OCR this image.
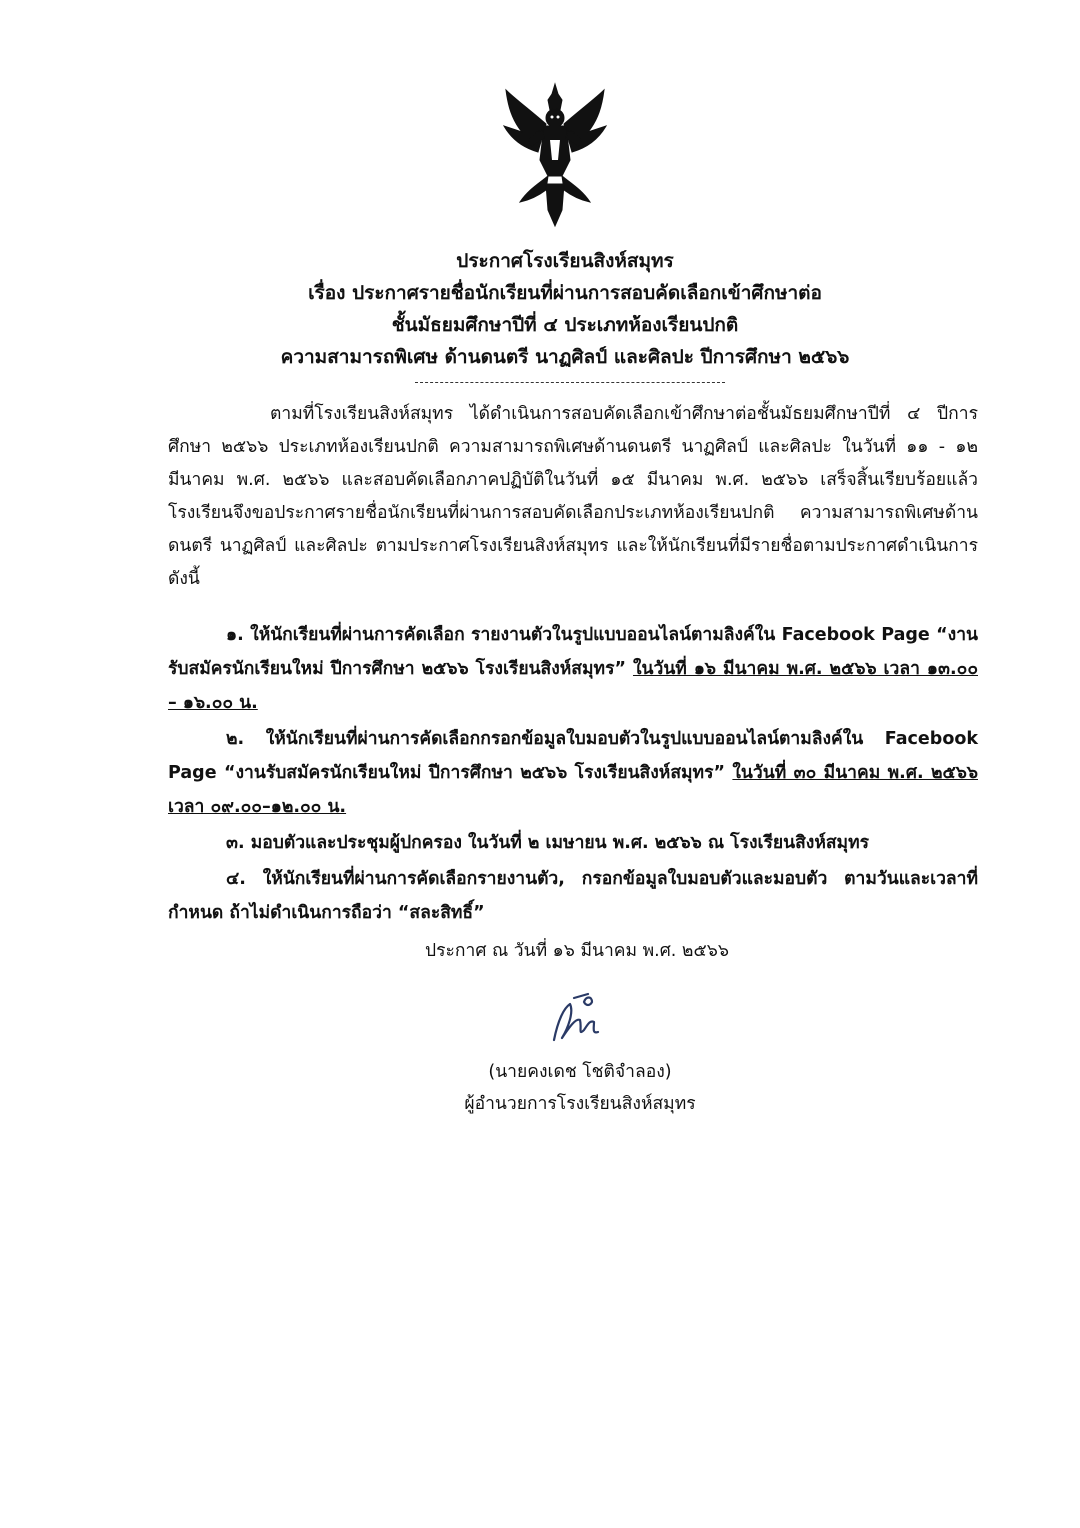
ประกาศโรงเรียนสิงห์สมุทร
เรื่อง ประกาศรายชื่อนักเรียนที่ผ่านการสอบคัดเลือกเข้าศึกษาต่อ
ชั้นมัธยมศึกษาปีที่ ๔ ประเภทห้องเรียนปกติ
ความสามารถพิเศษ ด้านดนตรี นาฏศิลป์ และศิลปะ ปีการศึกษา ๒๕๖๖
ตามที่โรงเรียนสิงห์สมุทร ได้ดำเนินการสอบคัดเลือกเข้าศึกษาต่อชั้นมัธยมศึกษาปีที่ ๔ ปีการศึกษา ๒๕๖๖ ประเภทห้องเรียนปกติ ความสามารถพิเศษด้านดนตรี นาฏศิลป์ และศิลปะ ในวันที่ ๑๑ - ๑๒ มีนาคม พ.ศ. ๒๕๖๖ และสอบคัดเลือกภาคปฏิบัติในวันที่ ๑๕ มีนาคม พ.ศ. ๒๕๖๖ เสร็จสิ้นเรียบร้อยแล้ว โรงเรียนจึงขอประกาศรายชื่อนักเรียนที่ผ่านการสอบคัดเลือกประเภทห้องเรียนปกติ ความสามารถพิเศษด้านดนตรี นาฏศิลป์ และศิลปะ ตามประกาศโรงเรียนสิงห์สมุทร และให้นักเรียนที่มีรายชื่อตามประกาศดำเนินการดังนี้

๑. ให้นักเรียนที่ผ่านการคัดเลือก รายงานตัวในรูปแบบออนไลน์ตามลิงค์ใน Facebook Page “งานรับสมัครนักเรียนใหม่ ปีการศึกษา ๒๕๖๖ โรงเรียนสิงห์สมุทร” ในวันที่ ๑๖ มีนาคม พ.ศ. ๒๕๖๖ เวลา ๑๓.๐๐ – ๑๖.๐๐ น.

๒. ให้นักเรียนที่ผ่านการคัดเลือกกรอกข้อมูลใบมอบตัวในรูปแบบออนไลน์ตามลิงค์ใน Facebook Page “งานรับสมัครนักเรียนใหม่ ปีการศึกษา ๒๕๖๖ โรงเรียนสิงห์สมุทร” ในวันที่ ๓๐ มีนาคม พ.ศ. ๒๕๖๖ เวลา ๐๙.๐๐–๑๒.๐๐ น.

๓. มอบตัวและประชุมผู้ปกครอง ในวันที่ ๒ เมษายน พ.ศ. ๒๕๖๖ ณ โรงเรียนสิงห์สมุทร

๔. ให้นักเรียนที่ผ่านการคัดเลือกรายงานตัว, กรอกข้อมูลใบมอบตัวและมอบตัว ตามวันและเวลาที่กำหนด ถ้าไม่ดำเนินการถือว่า “สละสิทธิ์”

ประกาศ ณ วันที่ ๑๖ มีนาคม พ.ศ. ๒๕๖๖
(นายคงเดช โชติจำลอง)
ผู้อำนวยการโรงเรียนสิงห์สมุทร
